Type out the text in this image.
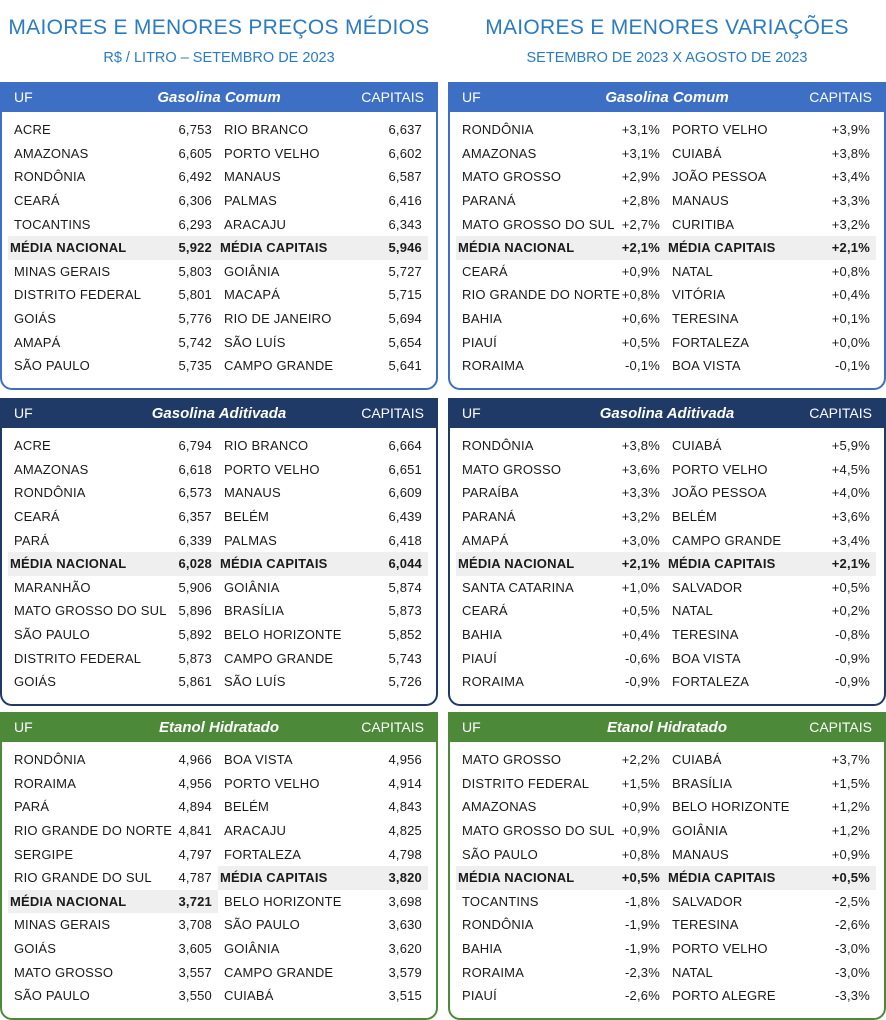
MAIORES E MENORES PREÇOS MÉDIOS
R$ / LITRO – SETEMBRO DE 2023
UF	Gasolina Comum	CAPITAIS
ACRE	6,753 RIO BRANCO	6,637
AMAZONAS	6,605 PORTO VELHO	6,602
RONDÔNIA	6,492 MANAUS	6,587
CEARÁ	6,306 PALMAS	6,416
TOCANTINS	6,293 ARACAJU	6,343
MÉDIA NACIONAL	5,922 MÉDIA CAPITAIS	5,946
MINAS GERAIS	5,803 GOIÂNIA	5,727
DISTRITO FEDERAL	5,801 MACAPÁ	5,715
GOIÁS	5,776 RIO DE JANEIRO	5,694
AMAPÁ	5,742 SÃO LUÍS	5,654
SÃO PAULO	5,735 CAMPO GRANDE	5,641
UF	Gasolina Aditivada	CAPITAIS
ACRE	6,794 RIO BRANCO	6,664
AMAZONAS	6,618 PORTO VELHO	6,651
RONDÔNIA	6,573 MANAUS	6,609
CEARÁ	6,357 BELÉM	6,439
PARÁ	6,339 PALMAS	6,418
MÉDIA NACIONAL	6,028 MÉDIA CAPITAIS	6,044
MARANHÃO	5,906 GOIÂNIA	5,874
MATO GROSSO DO SUL 5,896 BRASÍLIA	5,873
SÃO PAULO	5,892 BELO HORIZONTE	5,852
DISTRITO FEDERAL	5,873 CAMPO GRANDE	5,743
GOIÁS	5,861 SÃO LUÍS	5,726
UF	Etanol Hidratado	CAPITAIS
RONDÔNIA	4,966 BOA VISTA	4,956
RORAIMA	4,956 PORTO VELHO	4,914
PARÁ	4,894 BELÉM	4,843
RIO GRANDE DO NORTE 4,841 ARACAJU	4,825
SERGIPE	4,797 FORTALEZA	4,798
RIO GRANDE DO SUL	4,787 MÉDIA CAPITAIS	3,820
MÉDIA NACIONAL	3,721 BELO HORIZONTE	3,698
MINAS GERAIS	3,708 SÃO PAULO	3,630
GOIÁS	3,605 GOIÂNIA	3,620
MATO GROSSO	3,557 CAMPO GRANDE	3,579
SÃO PAULO	3,550 CUIABÁ	3,515
MAIORES E MENORES VARIAÇÕES
SETEMBRO DE 2023 X AGOSTO DE 2023
UF	Gasolina Comum	CAPITAIS
RONDÔNIA	+3,1% PORTO VELHO	+3,9%
AMAZONAS	+3,1% CUIABÁ	+3,8%
MATO GROSSO	+2,9% JOÃO PESSOA	+3,4%
PARANÁ	+2,8% MANAUS	+3,3%
MATO GROSSO DO SUL +2,7% CURITIBA	+3,2%
MÉDIA NACIONAL	+2,1% MÉDIA CAPITAIS	+2,1%
CEARÁ	+0,9% NATAL	+0,8%
RIO GRANDE DO NORTE +0,8% VITÓRIA	+0,4%
BAHIA	+0,6% TERESINA	+0,1%
PIAUÍ	+0,5% FORTALEZA	+0,0%
RORAIMA	-0,1% BOA VISTA	-0,1%
UF	Gasolina Aditivada	CAPITAIS
RONDÔNIA	+3,8% CUIABÁ	+5,9%
MATO GROSSO	+3,6% PORTO VELHO	+4,5%
PARAÍBA	+3,3% JOÃO PESSOA	+4,0%
PARANÁ	+3,2% BELÉM	+3,6%
AMAPÁ	+3,0% CAMPO GRANDE	+3,4%
MÉDIA NACIONAL	+2,1% MÉDIA CAPITAIS	+2,1%
SANTA CATARINA	+1,0% SALVADOR	+0,5%
CEARÁ	+0,5% NATAL	+0,2%
BAHIA	+0,4% TERESINA	-0,8%
PIAUÍ	-0,6% BOA VISTA	-0,9%
RORAIMA	-0,9% FORTALEZA	-0,9%
UF	Etanol Hidratado	CAPITAIS
MATO GROSSO	+2,2% CUIABÁ	+3,7%
DISTRITO FEDERAL	+1,5% BRASÍLIA	+1,5%
AMAZONAS	+0,9% BELO HORIZONTE	+1,2%
MATO GROSSO DO SUL +0,9% GOIÂNIA	+1,2%
SÃO PAULO	+0,8% MANAUS	+0,9%
MÉDIA NACIONAL	+0,5% MÉDIA CAPITAIS	+0,5%
TOCANTINS	-1,8% SALVADOR	-2,5%
RONDÔNIA	-1,9% TERESINA	-2,6%
BAHIA	-1,9% PORTO VELHO	-3,0%
RORAIMA	-2,3% NATAL	-3,0%
PIAUÍ	-2,6% PORTO ALEGRE	-3,3%
